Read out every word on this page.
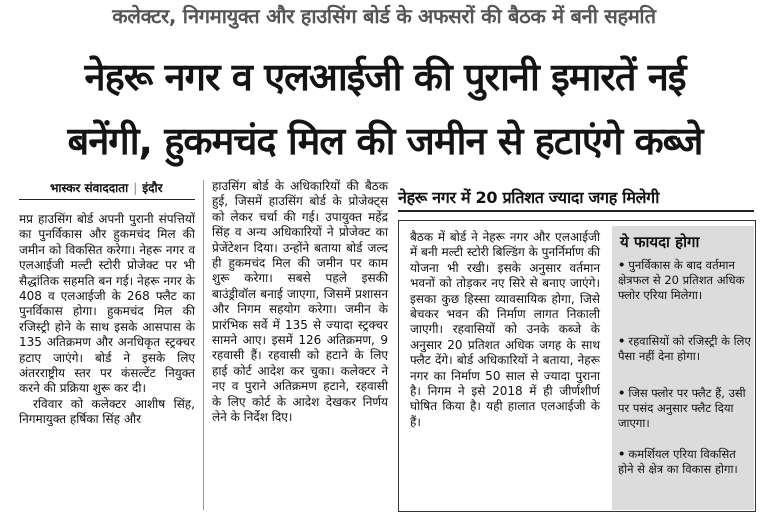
कलेक्टर, निगमायुक्त और हाउसिंग बोर्ड के अफसरों की बैठक में बनी सहमति
नेहरू नगर व एलआईजी की पुरानी इमारतें नई
बनेंगी, हुकमचंद मिल की जमीन से हटाएंगे कब्जे
भास्कर संवाददाता | इंदौर

मप्र हाउसिंग बोर्ड अपनी पुरानी संपत्तियों का पुनर्विकास और हुकमचंद मिल की जमीन को विकसित करेगा। नेहरू नगर व एलआईजी मल्टी स्टोरी प्रोजेक्ट पर भी सैद्धांतिक सहमति बन गई। नेहरू नगर के 408 व एलआईजी के 268 फ्लैट का पुनर्विकास होगा। हुकमचंद मिल की रजिस्ट्री होने के साथ इसके आसपास के 135 अतिक्रमण और अनधिकृत स्ट्रक्चर हटाए जाएंगे। बोर्ड ने इसके लिए अंतरराष्ट्रीय स्तर पर कंसल्टेंट नियुक्त करने की प्रक्रिया शुरू कर दी।

रविवार को कलेक्टर आशीष सिंह, निगमायुक्त हर्षिका सिंह और

हाउसिंग बोर्ड के अधिकारियों की बैठक हुई, जिसमें हाउसिंग बोर्ड के प्रोजेक्ट्स को लेकर चर्चा की गई। उपायुक्त महेंद्र सिंह व अन्य अधिकारियों ने प्रोजेक्ट का प्रेजेंटेशन दिया। उन्होंने बताया बोर्ड जल्द ही हुकमचंद मिल की जमीन पर काम शुरू करेगा। सबसे पहले इसकी बाउंड्रीवॉल बनाई जाएगा, जिसमें प्रशासन और निगम सहयोग करेगा। जमीन के प्रारंभिक सर्वे में 135 से ज्यादा स्ट्रक्चर सामने आए। इसमें 126 अतिक्रमण, 9 रहवासी हैं। रहवासी को हटाने के लिए हाई कोर्ट आदेश कर चुका। कलेक्टर ने नए व पुराने अतिक्रमण हटाने, रहवासी के लिए कोर्ट के आदेश देखकर निर्णय लेने के निर्देश दिए।

नेहरू नगर में 20 प्रतिशत ज्यादा जगह मिलेगी

बैठक में बोर्ड ने नेहरू नगर और एलआईजी में बनी मल्टी स्टोरी बिल्डिंग के पुनर्निर्माण की योजना भी रखी। इसके अनुसार वर्तमान भवनों को तोड़कर नए सिरे से बनाए जाएंगे। इसका कुछ हिस्सा व्यावसायिक होगा, जिसे बेचकर भवन की निर्माण लागत निकाली जाएगी। रहवासियों को उनके कब्जे के अनुसार 20 प्रतिशत अधिक जगह के साथ फ्लैट देंगे। बोर्ड अधिकारियों ने बताया, नेहरू नगर का निर्माण 50 साल से ज्यादा पुराना है। निगम ने इसे 2018 में ही जीर्णशीर्ण घोषित किया है। यही हालात एलआईजी के हैं।

ये फायदा होगा
• पुनर्विकास के बाद वर्तमान क्षेत्रफल से 20 प्रतिशत अधिक फ्लोर एरिया मिलेगा।
• रहवासियों को रजिस्ट्री के लिए पैसा नहीं देना होगा।
• जिस फ्लोर पर फ्लैट हैं, उसी पर पसंद अनुसार फ्लैट दिया जाएगा।
• कमर्शियल एरिया विकसित होने से क्षेत्र का विकास होगा।
